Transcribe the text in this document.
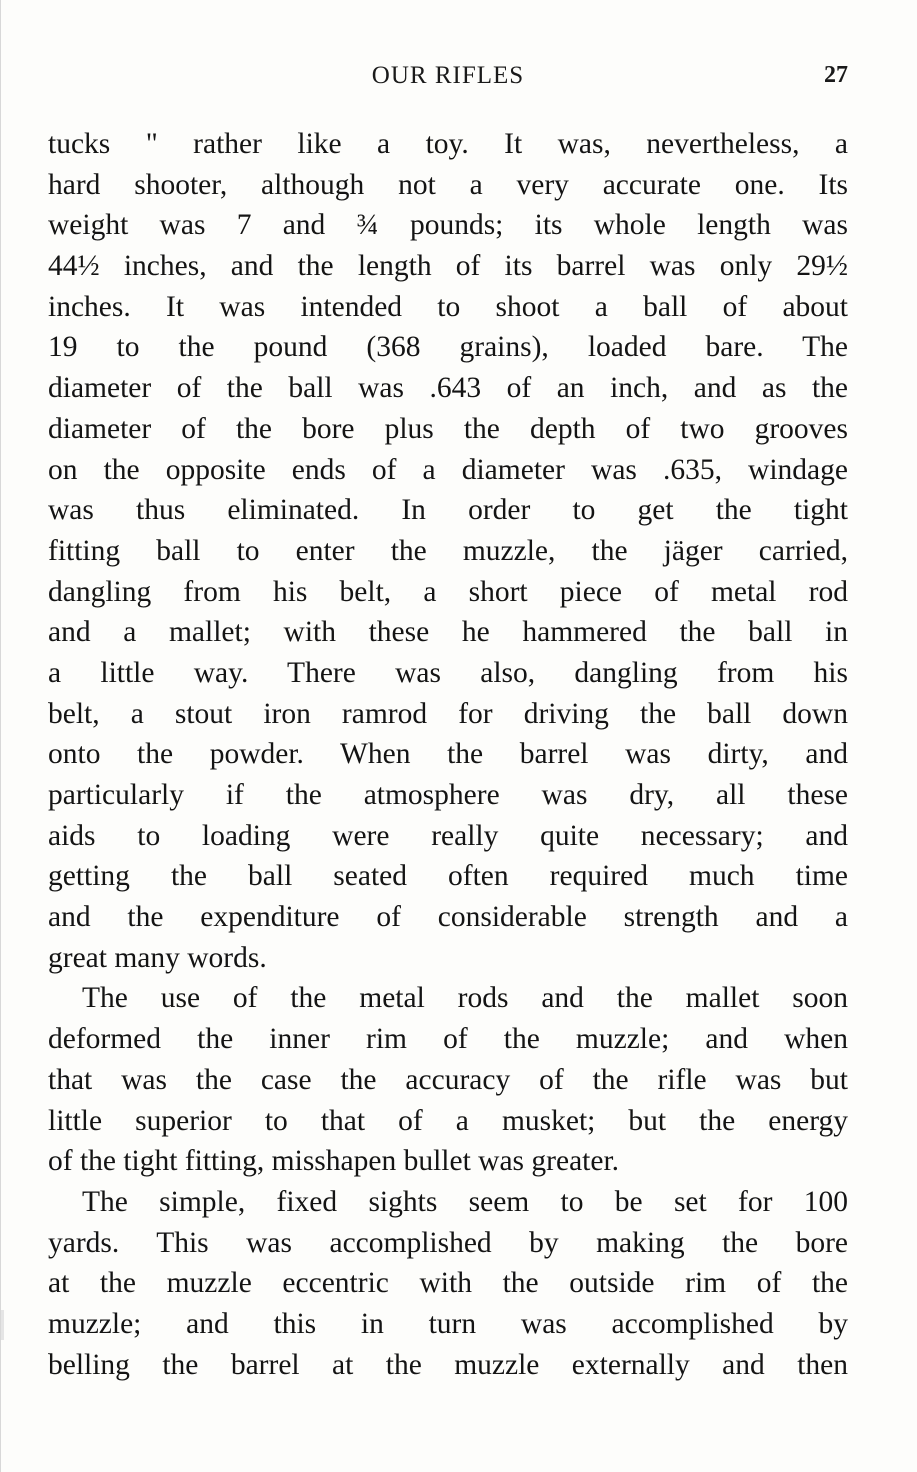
OUR RIFLES	27
tucks " rather like a toy. It was, nevertheless, a
hard shooter, although not a very accurate one. Its
weight was 7 and ¾ pounds; its whole length was
44½ inches, and the length of its barrel was only 29½
inches. It was intended to shoot a ball of about
19 to the pound (368 grains), loaded bare. The
diameter of the ball was .643 of an inch, and as the
diameter of the bore plus the depth of two grooves
on the opposite ends of a diameter was .635, windage
was thus eliminated. In order to get the tight
fitting ball to enter the muzzle, the jäger carried,
dangling from his belt, a short piece of metal rod
and a mallet; with these he hammered the ball in
a little way. There was also, dangling from his
belt, a stout iron ramrod for driving the ball down
onto the powder. When the barrel was dirty, and
particularly if the atmosphere was dry, all these
aids to loading were really quite necessary; and
getting the ball seated often required much time
and the expenditure of considerable strength and a
great many words.
The use of the metal rods and the mallet soon
deformed the inner rim of the muzzle; and when
that was the case the accuracy of the rifle was but
little superior to that of a musket; but the energy
of the tight fitting, misshapen bullet was greater.
The simple, fixed sights seem to be set for 100
yards. This was accomplished by making the bore
at the muzzle eccentric with the outside rim of the
muzzle; and this in turn was accomplished by
belling the barrel at the muzzle externally and then
